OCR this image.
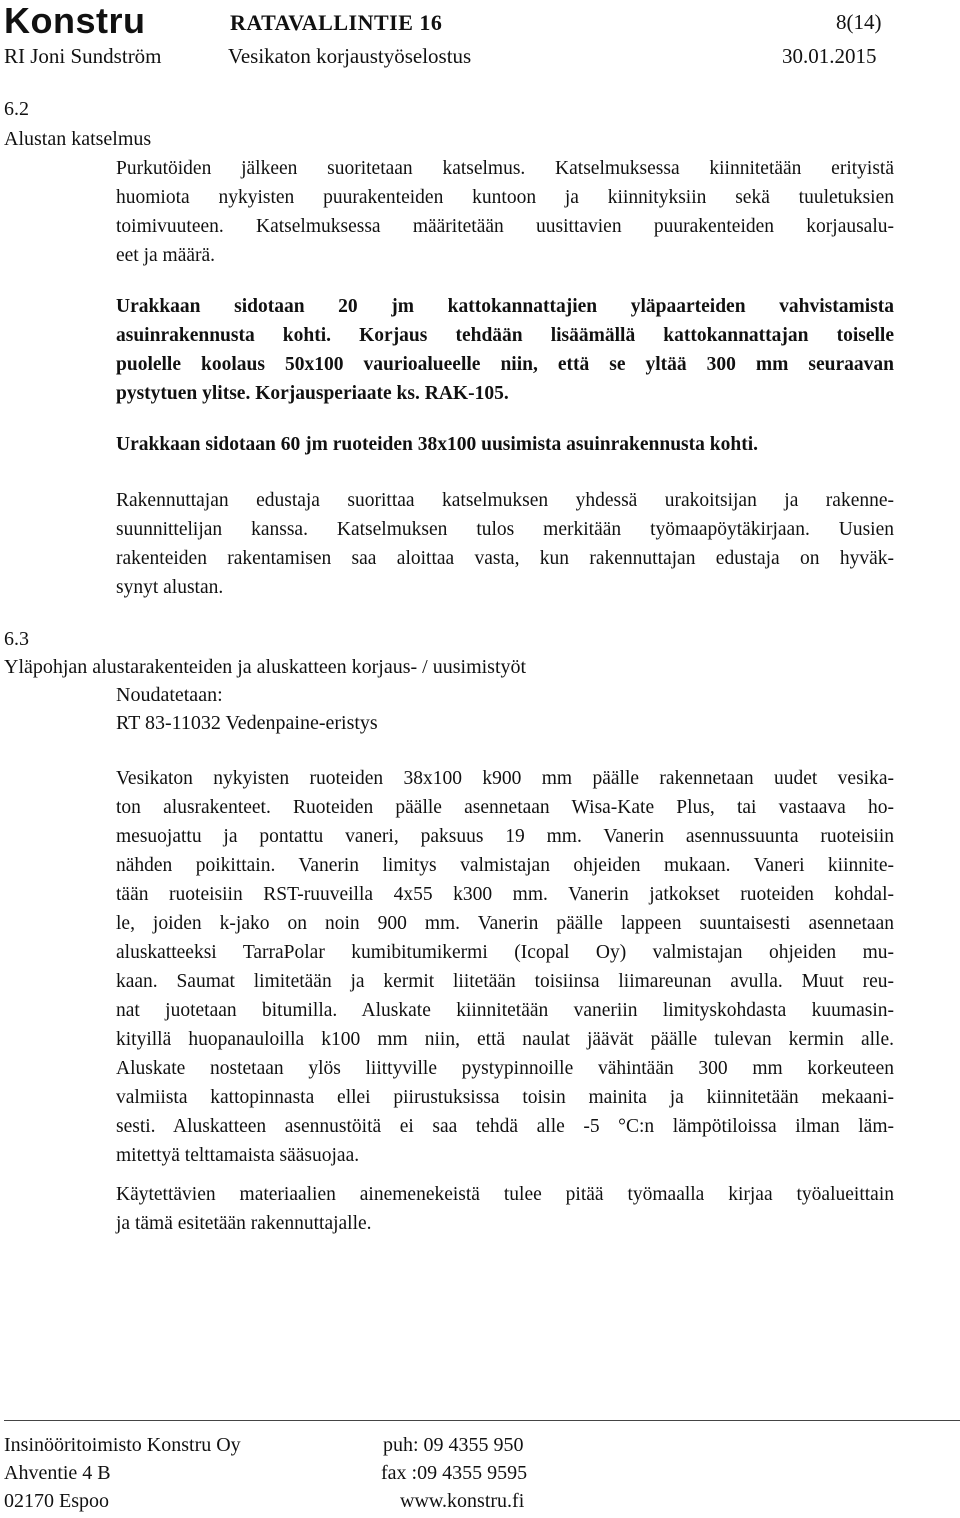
Konstru	RATAVALLINTIE 16	8(14)
RI Joni Sundström	Vesikaton korjaustyöselostus	30.01.2015
6.2
Alustan katselmus
Purkutöiden jälkeen suoritetaan katselmus. Katselmuksessa kiinnitetään erityistä
huomiota nykyisten puurakenteiden kuntoon ja kiinnityksiin sekä tuuletuksien
toimivuuteen. Katselmuksessa määritetään uusittavien puurakenteiden korjausalu-
eet ja määrä.
Urakkaan sidotaan 20 jm kattokannattajien yläpaarteiden vahvistamista
asuinrakennusta kohti. Korjaus tehdään lisäämällä kattokannattajan toiselle
puolelle koolaus 50x100 vaurioalueelle niin, että se yltää 300 mm seuraavan
pystytuen ylitse. Korjausperiaate ks. RAK-105.
Urakkaan sidotaan 60 jm ruoteiden 38x100 uusimista asuinrakennusta kohti.
Rakennuttajan edustaja suorittaa katselmuksen yhdessä urakoitsijan ja rakenne-
suunnittelijan kanssa. Katselmuksen tulos merkitään työmaapöytäkirjaan. Uusien
rakenteiden rakentamisen saa aloittaa vasta, kun rakennuttajan edustaja on hyväk-
synyt alustan.
6.3
Yläpohjan alustarakenteiden ja aluskatteen korjaus- / uusimistyöt
Noudatetaan:
RT 83-11032 Vedenpaine-eristys
Vesikaton nykyisten ruoteiden 38x100 k900 mm päälle rakennetaan uudet vesika-
ton alusrakenteet. Ruoteiden päälle asennetaan Wisa-Kate Plus, tai vastaava ho-
mesuojattu ja pontattu vaneri, paksuus 19 mm. Vanerin asennussuunta ruoteisiin
nähden poikittain. Vanerin limitys valmistajan ohjeiden mukaan. Vaneri kiinnite-
tään ruoteisiin RST-ruuveilla 4x55 k300 mm. Vanerin jatkokset ruoteiden kohdal-
le, joiden k-jako on noin 900 mm. Vanerin päälle lappeen suuntaisesti asennetaan
aluskatteeksi TarraPolar kumibitumikermi (Icopal Oy) valmistajan ohjeiden mu-
kaan. Saumat limitetään ja kermit liitetään toisiinsa liimareunan avulla. Muut reu-
nat juotetaan bitumilla. Aluskate kiinnitetään vaneriin limityskohdasta kuumasin-
kityillä huopanauloilla k100 mm niin, että naulat jäävät päälle tulevan kermin alle.
Aluskate nostetaan ylös liittyville pystypinnoille vähintään 300 mm korkeuteen
valmiista kattopinnasta ellei piirustuksissa toisin mainita ja kiinnitetään mekaani-
sesti. Aluskatteen asennustöitä ei saa tehdä alle -5 °C:n lämpötiloissa ilman läm-
mitettyä telttamaista sääsuojaa.
Käytettävien materiaalien ainemenekeistä tulee pitää työmaalla kirjaa työalueittain
ja tämä esitetään rakennuttajalle.
Insinööritoimisto Konstru Oy
Ahventie 4 B
02170 Espoo
puh: 09 4355 950
fax :09 4355 9595
www.konstru.fi
